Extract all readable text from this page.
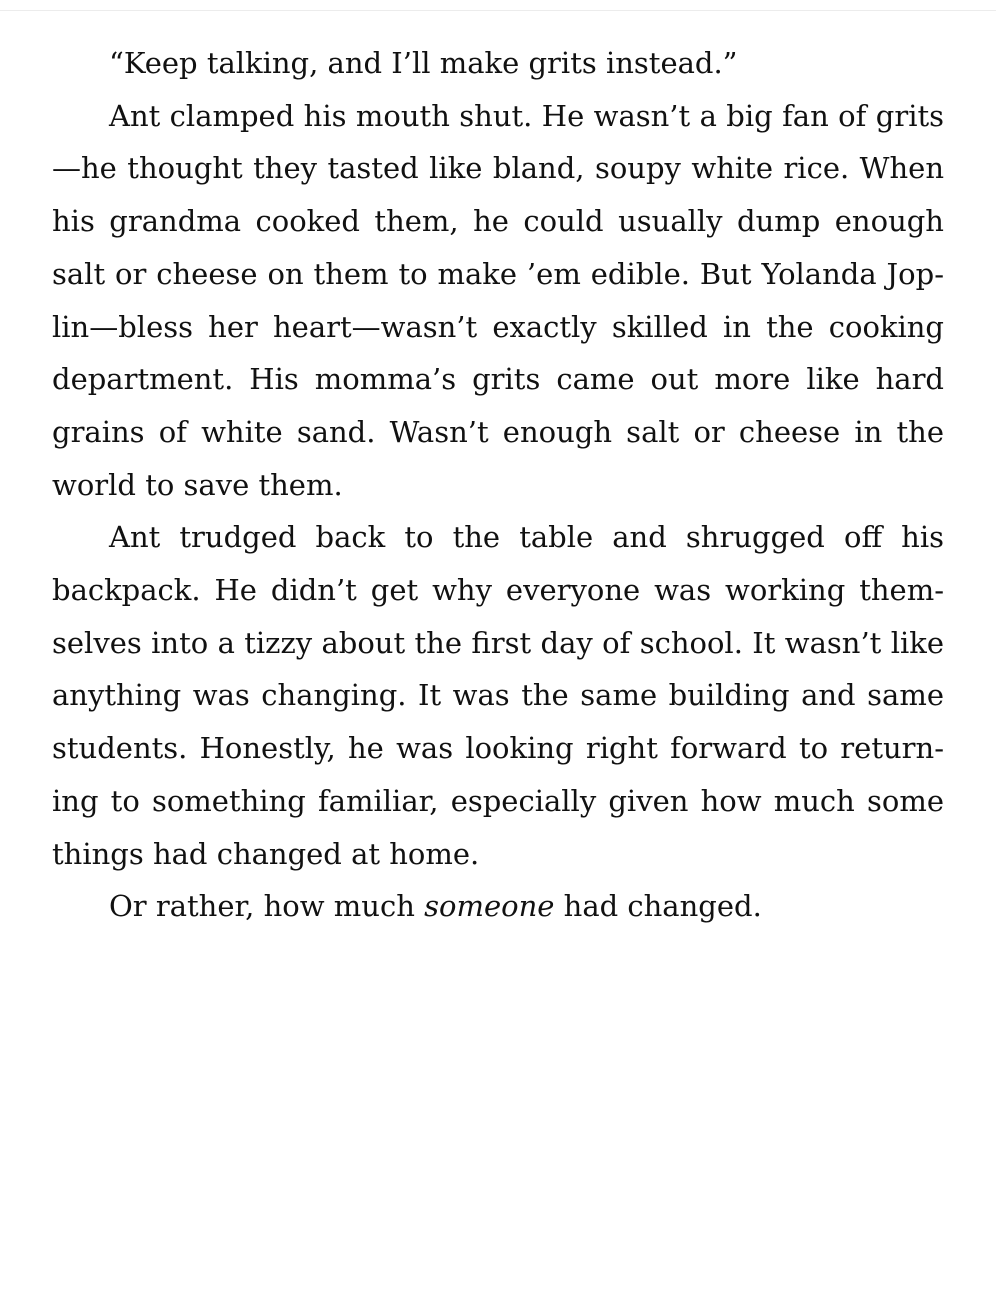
“Keep talking, and I’ll make grits instead.”
Ant clamped his mouth shut. He wasn’t a big fan of grits
—he thought they tasted like bland, soupy white rice. When
his grandma cooked them, he could usually dump enough
salt or cheese on them to make ’em edible. But Yolanda Jop-
lin—bless her heart—wasn’t exactly skilled in the cooking
department. His momma’s grits came out more like hard
grains of white sand. Wasn’t enough salt or cheese in the
world to save them.
Ant trudged back to the table and shrugged off his
backpack. He didn’t get why everyone was working them-
selves into a tizzy about the first day of school. It wasn’t like
anything was changing. It was the same building and same
students. Honestly, he was looking right forward to return-
ing to something familiar, especially given how much some
things had changed at home.
Or rather, how much someone had changed.
